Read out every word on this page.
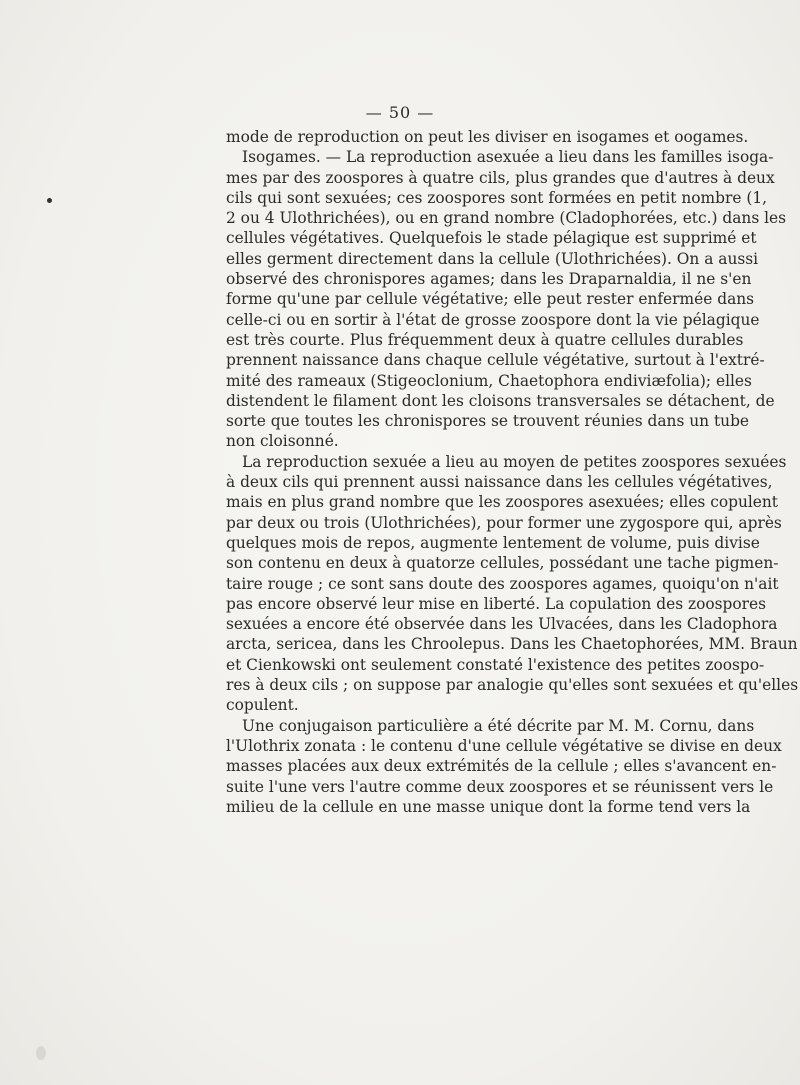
— 50 —
mode de reproduction on peut les diviser en isogames et oogames.
Isogames. — La reproduction asexuée a lieu dans les familles isoga-
mes par des zoospores à quatre cils, plus grandes que d'autres à deux
cils qui sont sexuées; ces zoospores sont formées en petit nombre (1,
2 ou 4 Ulothrichées), ou en grand nombre (Cladophorées, etc.) dans les
cellules végétatives. Quelquefois le stade pélagique est supprimé et
elles germent directement dans la cellule (Ulothrichées). On a aussi
observé des chronispores agames; dans les Draparnaldia, il ne s'en
forme qu'une par cellule végétative; elle peut rester enfermée dans
celle-ci ou en sortir à l'état de grosse zoospore dont la vie pélagique
est très courte. Plus fréquemment deux à quatre cellules durables
prennent naissance dans chaque cellule végétative, surtout à l'extré-
mité des rameaux (Stigeoclonium, Chaetophora endiviæfolia); elles
distendent le filament dont les cloisons transversales se détachent, de
sorte que toutes les chronispores se trouvent réunies dans un tube
non cloisonné.
La reproduction sexuée a lieu au moyen de petites zoospores sexuées
à deux cils qui prennent aussi naissance dans les cellules végétatives,
mais en plus grand nombre que les zoospores asexuées; elles copulent
par deux ou trois (Ulothrichées), pour former une zygospore qui, après
quelques mois de repos, augmente lentement de volume, puis divise
son contenu en deux à quatorze cellules, possédant une tache pigmen-
taire rouge ; ce sont sans doute des zoospores agames, quoiqu'on n'ait
pas encore observé leur mise en liberté. La copulation des zoospores
sexuées a encore été observée dans les Ulvacées, dans les Cladophora
arcta, sericea, dans les Chroolepus. Dans les Chaetophorées, MM. Braun
et Cienkowski ont seulement constaté l'existence des petites zoospo-
res à deux cils ; on suppose par analogie qu'elles sont sexuées et qu'elles
copulent.
Une conjugaison particulière a été décrite par M. M. Cornu, dans
l'Ulothrix zonata : le contenu d'une cellule végétative se divise en deux
masses placées aux deux extrémités de la cellule ; elles s'avancent en-
suite l'une vers l'autre comme deux zoospores et se réunissent vers le
milieu de la cellule en une masse unique dont la forme tend vers la
